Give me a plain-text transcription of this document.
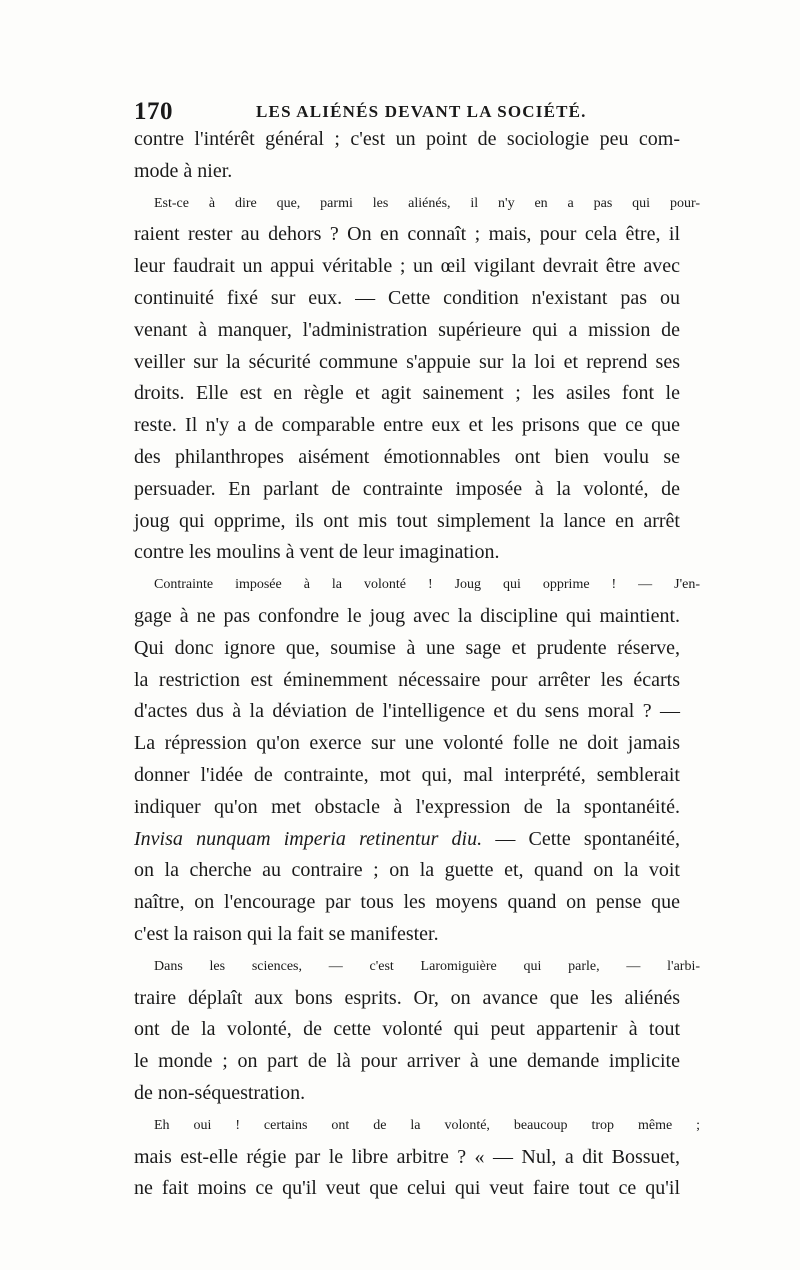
170	LES ALIÉNÉS DEVANT LA SOCIÉTÉ.
contre l'intérêt général ; c'est un point de sociologie peu com-
mode à nier.
Est-ce à dire que, parmi les aliénés, il n'y en a pas qui pour-
raient rester au dehors ? On en connaît ; mais, pour cela être, il
leur faudrait un appui véritable ; un œil vigilant devrait être avec
continuité fixé sur eux. — Cette condition n'existant pas ou
venant à manquer, l'administration supérieure qui a mission de
veiller sur la sécurité commune s'appuie sur la loi et reprend ses
droits. Elle est en règle et agit sainement ; les asiles font le
reste. Il n'y a de comparable entre eux et les prisons que ce que
des philanthropes aisément émotionnables ont bien voulu se
persuader. En parlant de contrainte imposée à la volonté, de
joug qui opprime, ils ont mis tout simplement la lance en arrêt
contre les moulins à vent de leur imagination.
Contrainte imposée à la volonté ! Joug qui opprime ! — J'en-
gage à ne pas confondre le joug avec la discipline qui maintient.
Qui donc ignore que, soumise à une sage et prudente réserve,
la restriction est éminemment nécessaire pour arrêter les écarts
d'actes dus à la déviation de l'intelligence et du sens moral ? —
La répression qu'on exerce sur une volonté folle ne doit jamais
donner l'idée de contrainte, mot qui, mal interprété, semblerait
indiquer qu'on met obstacle à l'expression de la spontanéité.
Invisa nunquam imperia retinentur diu. — Cette spontanéité,
on la cherche au contraire ; on la guette et, quand on la voit
naître, on l'encourage par tous les moyens quand on pense que
c'est la raison qui la fait se manifester.
Dans les sciences, — c'est Laromiguière qui parle, — l'arbi-
traire déplaît aux bons esprits. Or, on avance que les aliénés
ont de la volonté, de cette volonté qui peut appartenir à tout
le monde ; on part de là pour arriver à une demande implicite
de non-séquestration.
Eh oui ! certains ont de la volonté, beaucoup trop même ;
mais est-elle régie par le libre arbitre ? « — Nul, a dit Bossuet,
ne fait moins ce qu'il veut que celui qui veut faire tout ce qu'il
